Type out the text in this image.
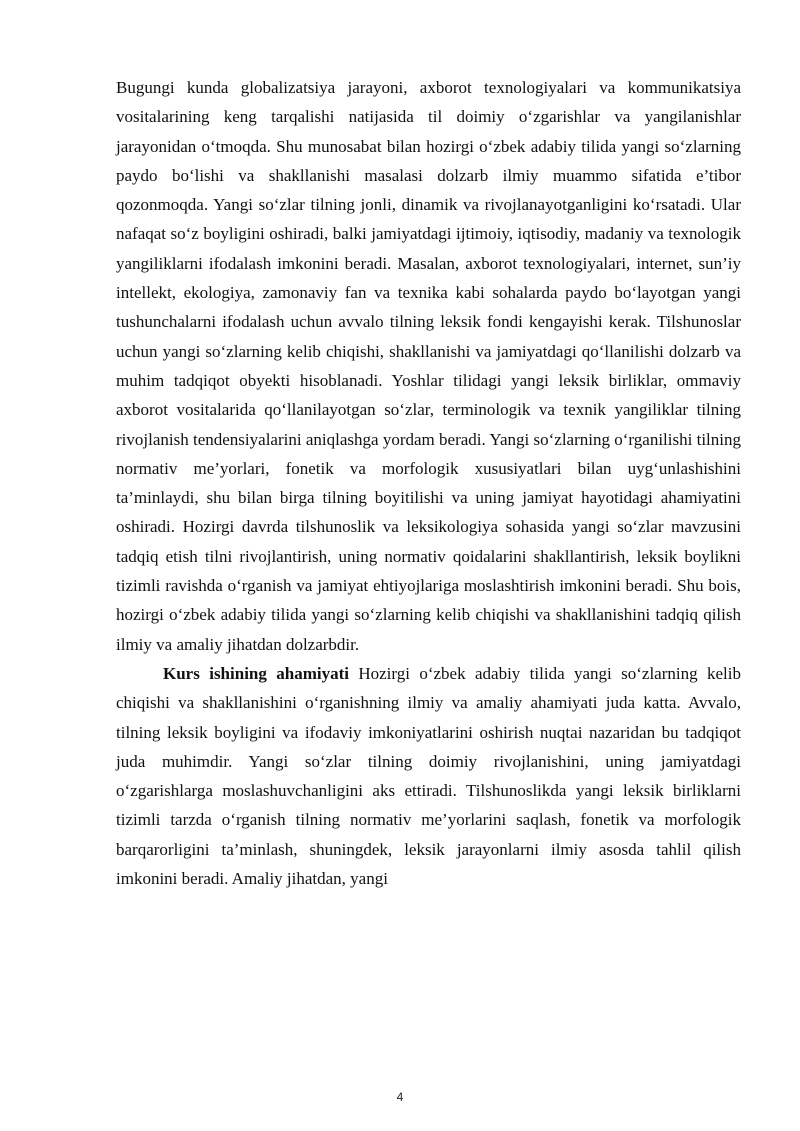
Bugungi kunda globalizatsiya jarayoni, axborot texnologiyalari va kommunikatsiya vositalarining keng tarqalishi natijasida til doimiy o‘zgarishlar va yangilanishlar jarayonidan o‘tmoqda. Shu munosabat bilan hozirgi o‘zbek adabiy tilida yangi so‘zlarning paydo bo‘lishi va shakllanishi masalasi dolzarb ilmiy muammo sifatida e’tibor qozonmoqda. Yangi so‘zlar tilning jonli, dinamik va rivojlanayotganligini ko‘rsatadi. Ular nafaqat so‘z boyligini oshiradi, balki jamiyatdagi ijtimoiy, iqtisodiy, madaniy va texnologik yangiliklarni ifodalash imkonini beradi. Masalan, axborot texnologiyalari, internet, sun’iy intellekt, ekologiya, zamonaviy fan va texnika kabi sohalarda paydo bo‘layotgan yangi tushunchalarni ifodalash uchun avvalo tilning leksik fondi kengayishi kerak. Tilshunoslar uchun yangi so‘zlarning kelib chiqishi, shakllanishi va jamiyatdagi qo‘llanilishi dolzarb va muhim tadqiqot obyekti hisoblanadi. Yoshlar tilidagi yangi leksik birliklar, ommaviy axborot vositalarida qo‘llanilayotgan so‘zlar, terminologik va texnik yangiliklar tilning rivojlanish tendensiyalarini aniqlashga yordam beradi. Yangi so‘zlarning o‘rganilishi tilning normativ me’yorlari, fonetik va morfologik xususiyatlari bilan uyg‘unlashishini ta’minlaydi, shu bilan birga tilning boyitilishi va uning jamiyat hayotidagi ahamiyatini oshiradi. Hozirgi davrda tilshunoslik va leksikologiya sohasida yangi so‘zlar mavzusini tadqiq etish tilni rivojlantirish, uning normativ qoidalarini shakllantirish, leksik boylikni tizimli ravishda o‘rganish va jamiyat ehtiyojlariga moslashtirish imkonini beradi. Shu bois, hozirgi o‘zbek adabiy tilida yangi so‘zlarning kelib chiqishi va shakllanishini tadqiq qilish ilmiy va amaliy jihatdan dolzarbdir.

Kurs ishining ahamiyati Hozirgi o‘zbek adabiy tilida yangi so‘zlarning kelib chiqishi va shakllanishini o‘rganishning ilmiy va amaliy ahamiyati juda katta. Avvalo, tilning leksik boyligini va ifodaviy imkoniyatlarini oshirish nuqtai nazaridan bu tadqiqot juda muhimdir. Yangi so‘zlar tilning doimiy rivojlanishini, uning jamiyatdagi o‘zgarishlarga moslashuvchanligini aks ettiradi. Tilshunoslikda yangi leksik birliklarni tizimli tarzda o‘rganish tilning normativ me’yorlarini saqlash, fonetik va morfologik barqarorligini ta’minlash, shuningdek, leksik jarayonlarni ilmiy asosda tahlil qilish imkonini beradi. Amaliy jihatdan, yangi

4
